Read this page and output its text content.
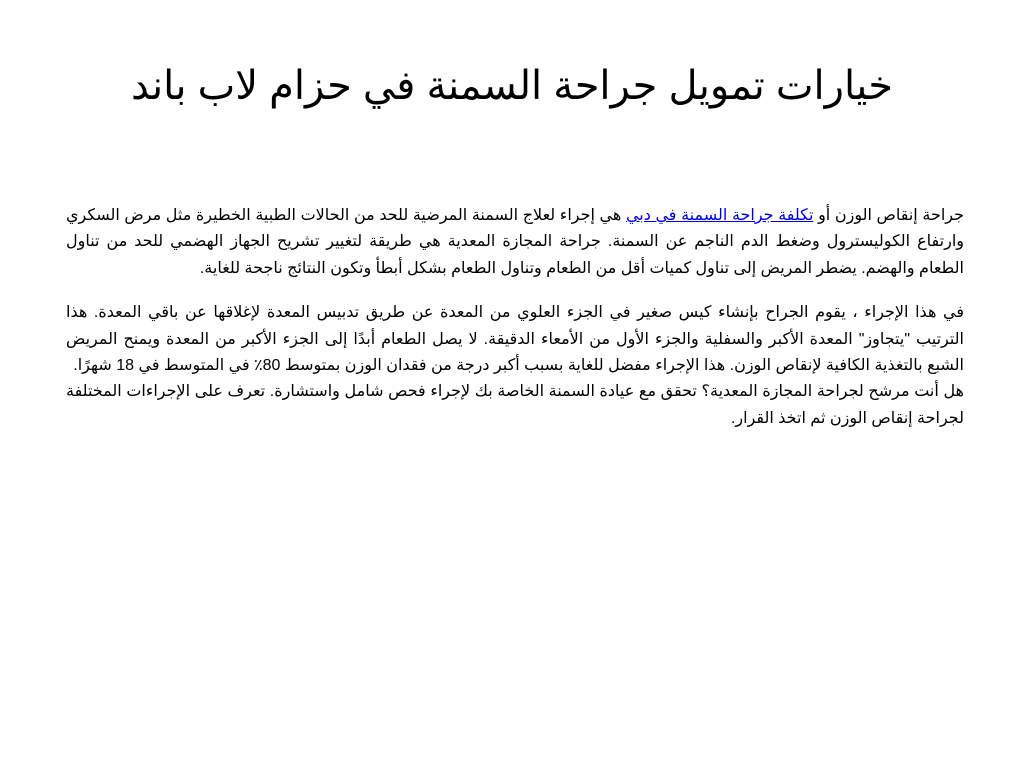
خيارات تمويل جراحة السمنة في حزام لاب باند

جراحة إنقاص الوزن أو تكلفة جراحة السمنة في دبي هي إجراء لعلاج السمنة المرضية للحد من الحالات الطبية الخطيرة مثل مرض السكري وارتفاع الكوليسترول وضغط الدم الناجم عن السمنة. جراحة المجازة المعدية هي طريقة لتغيير تشريح الجهاز الهضمي للحد من تناول الطعام والهضم. يضطر المريض إلى تناول كميات أقل من الطعام وتناول الطعام بشكل أبطأ وتكون النتائج ناجحة للغاية.

في هذا الإجراء ، يقوم الجراح بإنشاء كيس صغير في الجزء العلوي من المعدة عن طريق تدبيس المعدة لإغلاقها عن باقي المعدة. هذا الترتيب "يتجاوز" المعدة الأكبر والسفلية والجزء الأول من الأمعاء الدقيقة. لا يصل الطعام أبدًا إلى الجزء الأكبر من المعدة ويمنح المريض الشبع بالتغذية الكافية لإنقاص الوزن. هذا الإجراء مفضل للغاية بسبب أكبر درجة من فقدان الوزن بمتوسط 80٪ في المتوسط في 18 شهرًا.

هل أنت مرشح لجراحة المجازة المعدية؟ تحقق مع عيادة السمنة الخاصة بك لإجراء فحص شامل واستشارة. تعرف على الإجراءات المختلفة لجراحة إنقاص الوزن ثم اتخذ القرار.
